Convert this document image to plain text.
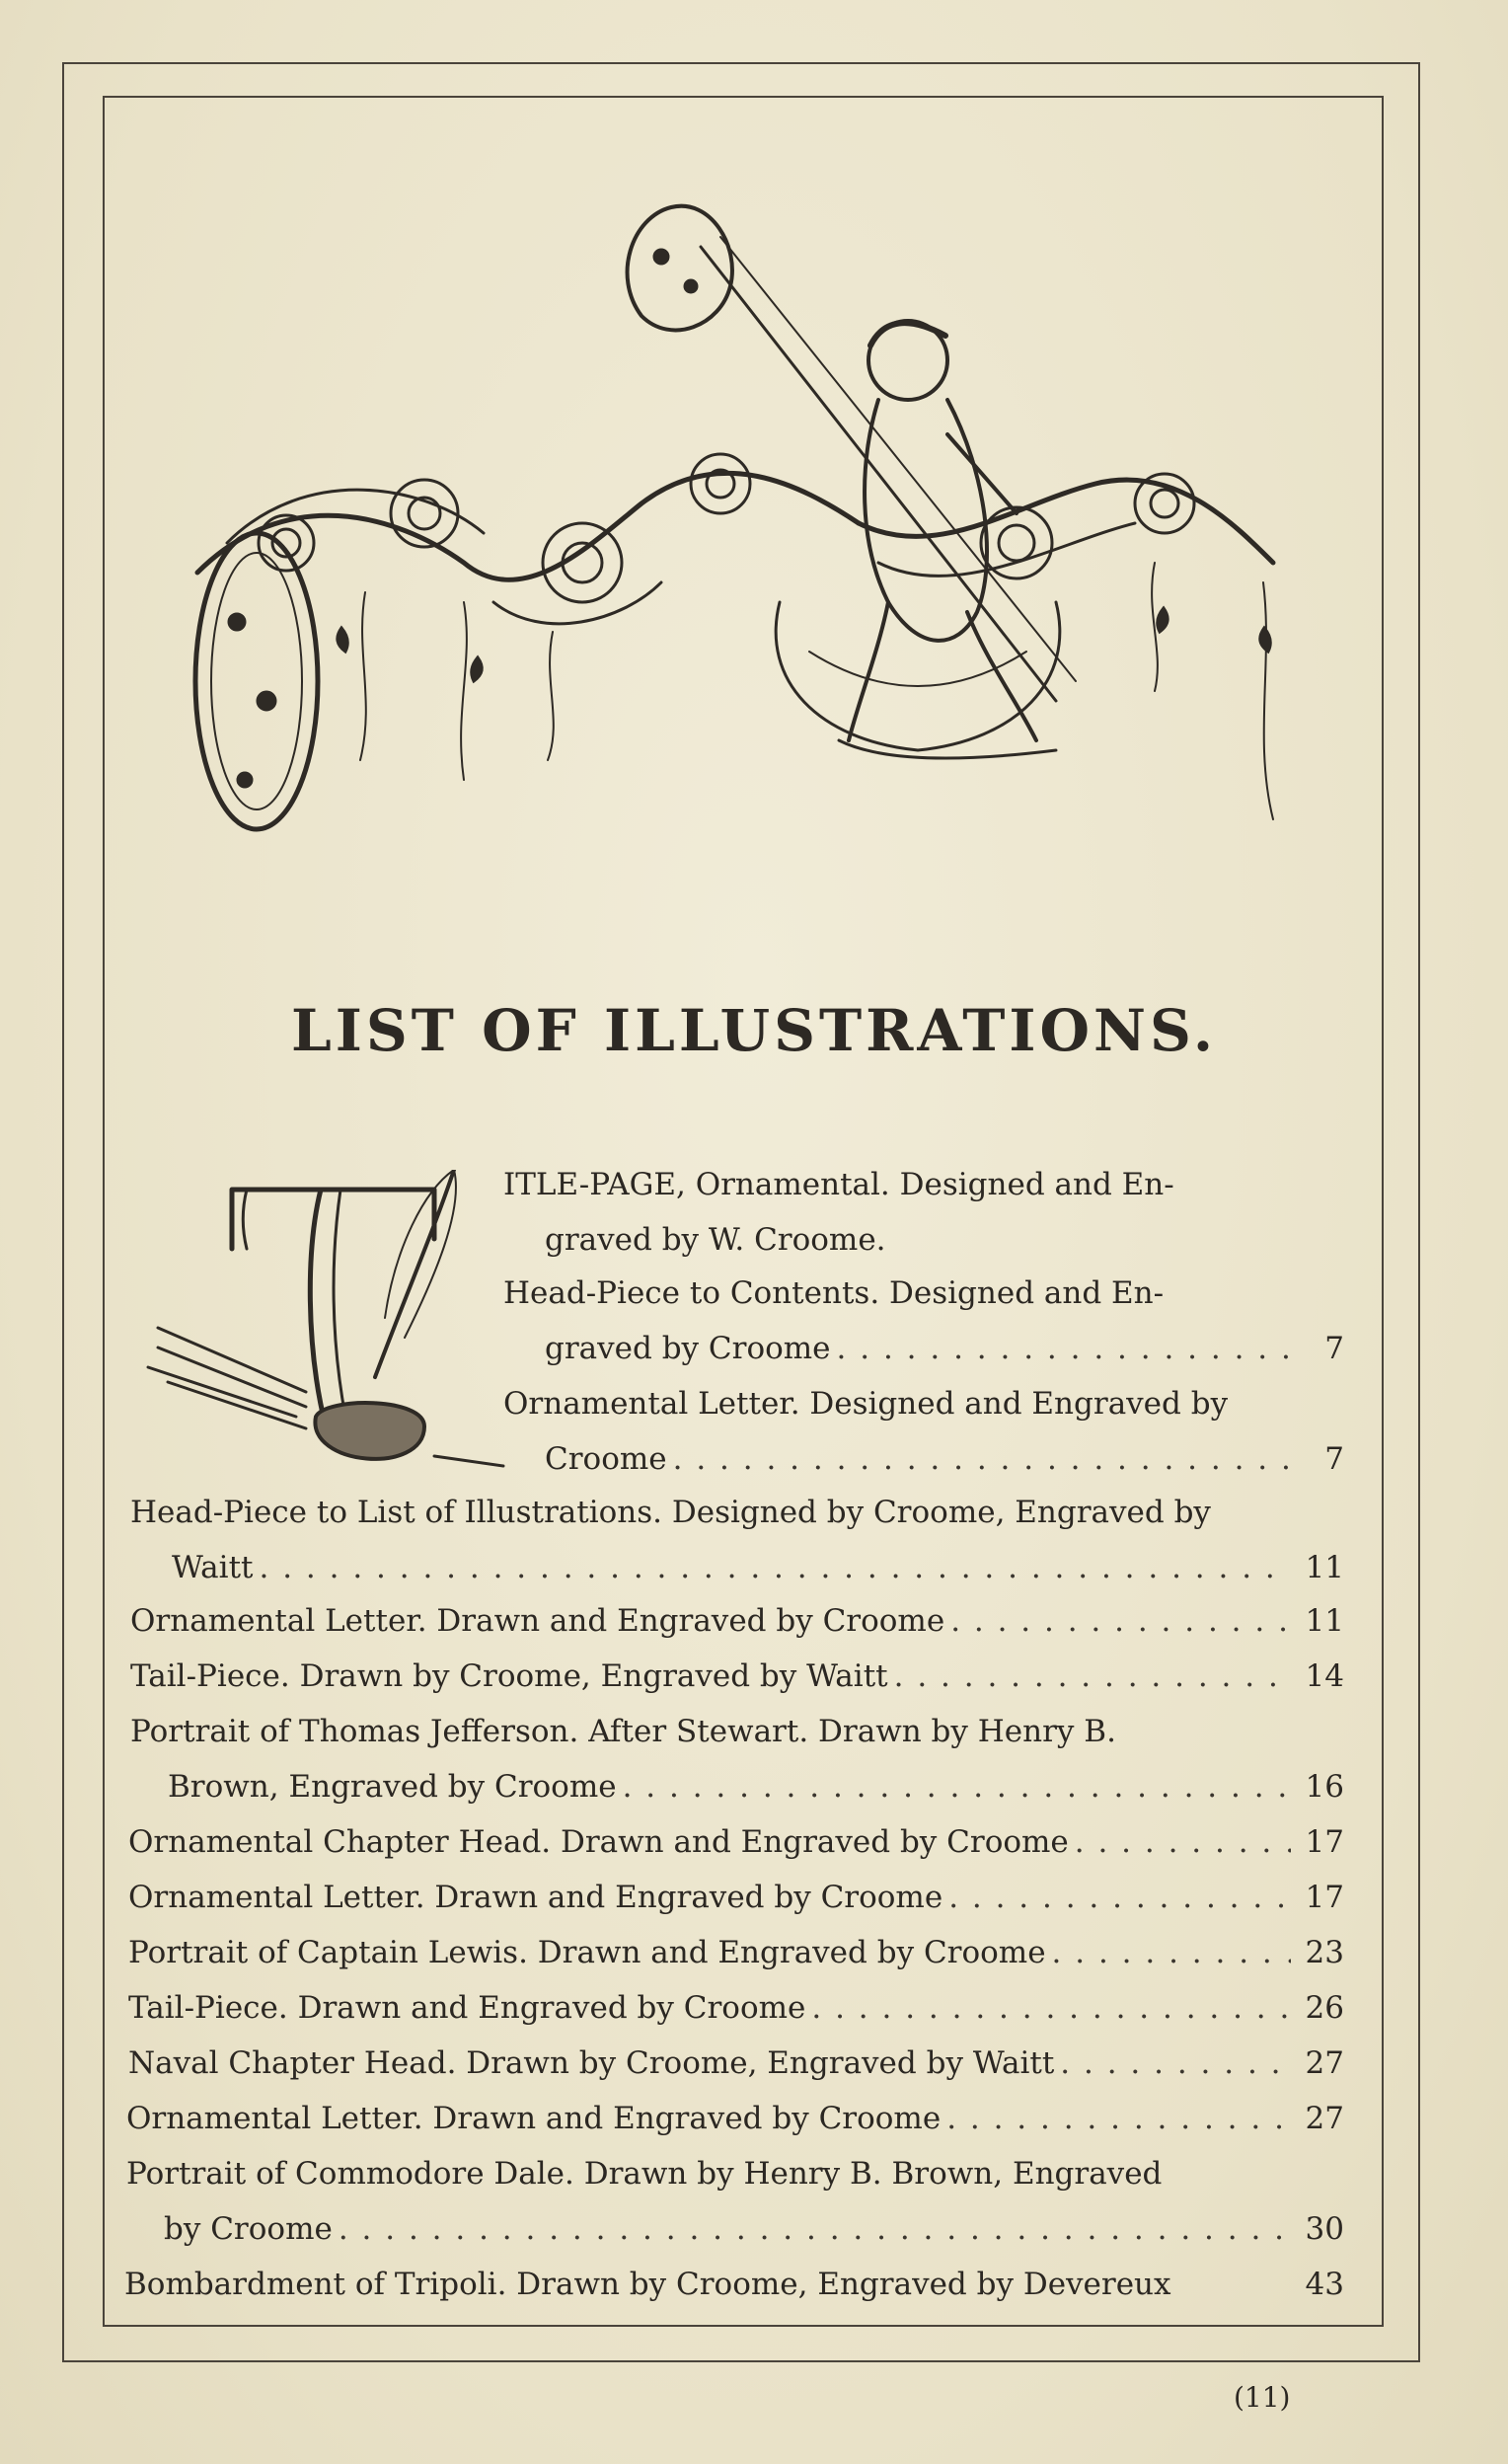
LIST OF ILLUSTRATIONS.
ITLE-PAGE, Ornamental. Designed and En-
graved by W. Croome.
Head-Piece to Contents. Designed and En-
graved by Croome . . .	7
Ornamental Letter. Designed and Engraved by
Croome . . .	7
Head-Piece to List of Illustrations. Designed by Croome, Engraved by
Waitt . . .	11
Ornamental Letter. Drawn and Engraved by Croome . . .	11
Tail-Piece. Drawn by Croome, Engraved by Waitt . . .	14
Portrait of Thomas Jefferson. After Stewart. Drawn by Henry B.
Brown, Engraved by Croome . . .	16
Ornamental Chapter Head. Drawn and Engraved by Croome . . .	17
Ornamental Letter. Drawn and Engraved by Croome . . .	17
Portrait of Captain Lewis. Drawn and Engraved by Croome . . .	23
Tail-Piece. Drawn and Engraved by Croome . . .	26
Naval Chapter Head. Drawn by Croome, Engraved by Waitt . . .	27
Ornamental Letter. Drawn and Engraved by Croome . . .	27
Portrait of Commodore Dale. Drawn by Henry B. Brown, Engraved
by Croome . . .	30
Bombardment of Tripoli. Drawn by Croome, Engraved by Devereux	43
(11)
